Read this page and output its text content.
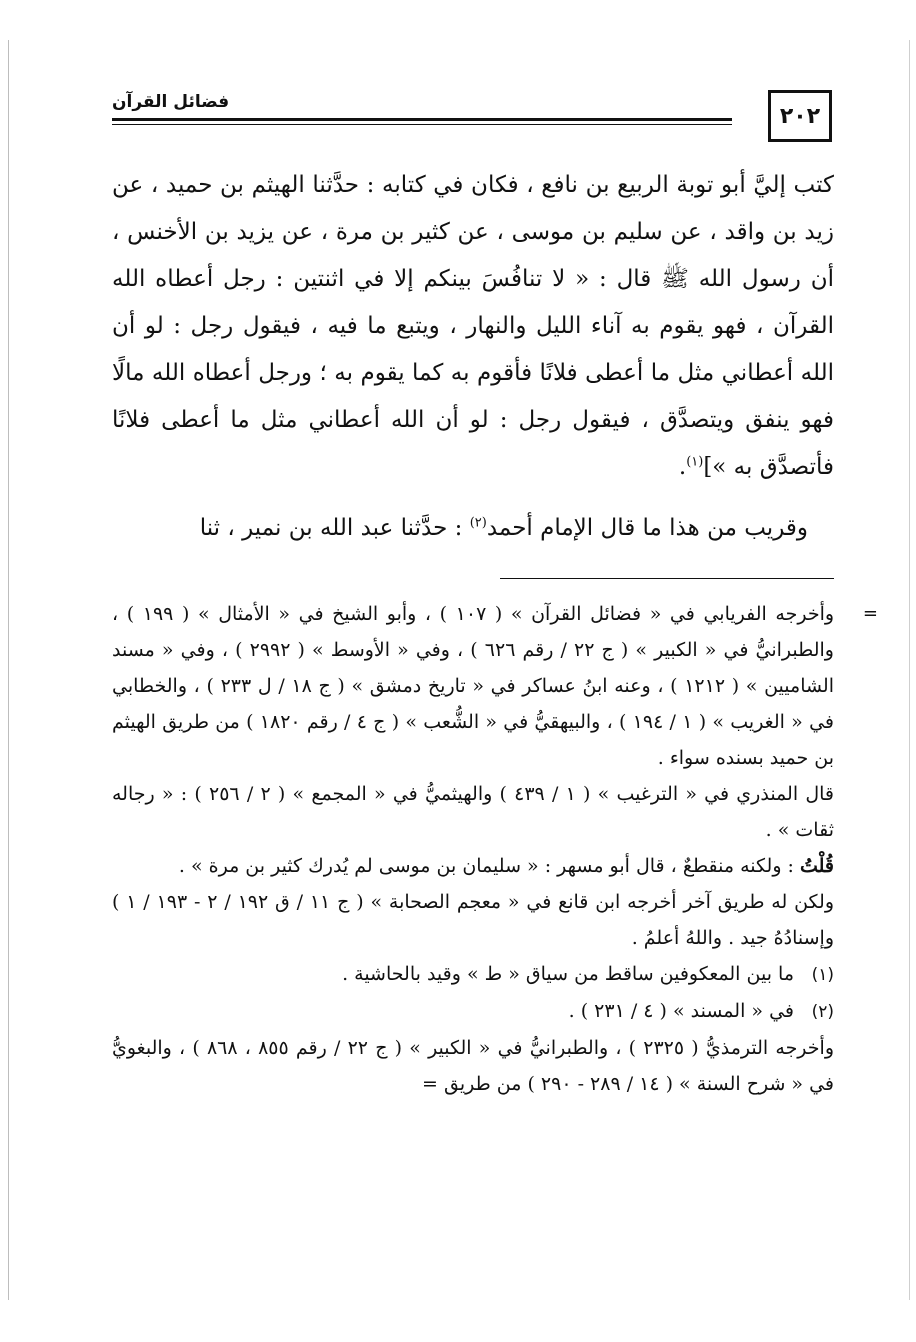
٢٠٢
فضائل القرآن

كتب إليَّ أبو توبة الربيع بن نافع ، فكان في كتابه : حدَّثنا الهيثم بن حميد ، عن زيد بن واقد ، عن سليم بن موسى ، عن كثير بن مرة ، عن يزيد بن الأخنس ، أن رسول الله ﷺ قال : « لا تنافُسَ بينكم إلا في اثنتين : رجل أعطاه الله القرآن ، فهو يقوم به آناء الليل والنهار ، ويتبع ما فيه ، فيقول رجل : لو أن الله أعطاني مثل ما أعطى فلانًا فأقوم به كما يقوم به ؛ ورجل أعطاه الله مالًا فهو ينفق ويتصدَّق ، فيقول رجل : لو أن الله أعطاني مثل ما أعطى فلانًا فأتصدَّق به »]$^{(١)}$.

وقريب من هذا ما قال الإمام أحمد$^{(٢)}$ : حدَّثنا عبد الله بن نمير ، ثنا

=
وأخرجه الفريابي في « فضائل القرآن » ( ١٠٧ ) ، وأبو الشيخ في « الأمثال » ( ١٩٩ ) ، والطبرانيُّ في « الكبير » ( ج ٢٢ / رقم ٦٢٦ ) ، وفي « الأوسط » ( ٢٩٩٢ ) ، وفي « مسند الشاميين » ( ١٢١٢ ) ، وعنه ابنُ عساكر في « تاريخ دمشق » ( ج ١٨ / ل ٢٣٣ ) ، والخطابي في « الغريب » ( ١ / ١٩٤ ) ، والبيهقيُّ في « الشُّعب » ( ج ٤ / رقم ١٨٢٠ ) من طريق الهيثم بن حميد بسنده سواء .

قال المنذري في « الترغيب » ( ١ / ٤٣٩ ) والهيثميُّ في « المجمع » ( ٢ / ٢٥٦ ) : « رجاله ثقات » .

قُلْتُ : ولكنه منقطعٌ ، قال أبو مسهر : « سليمان بن موسى لم يُدرك كثير بن مرة » .

ولكن له طريق آخر أخرجه ابن قانع في « معجم الصحابة » ( ج ١١ / ق ١٩٢ / ٢ - ١٩٣ / ١ ) وإسنادُهُ جيد . واللهُ أعلمُ .

(١)ما بين المعكوفين ساقط من سياق « ط » وقيد بالحاشية .

(٢)في « المسند » ( ٤ / ٢٣١ ) .

وأخرجه الترمذيُّ ( ٢٣٢٥ ) ، والطبرانيُّ في « الكبير » ( ج ٢٢ / رقم ٨٥٥ ، ٨٦٨ ) ، والبغويُّ في « شرح السنة » ( ١٤ / ٢٨٩ - ٢٩٠ ) من طريق =
